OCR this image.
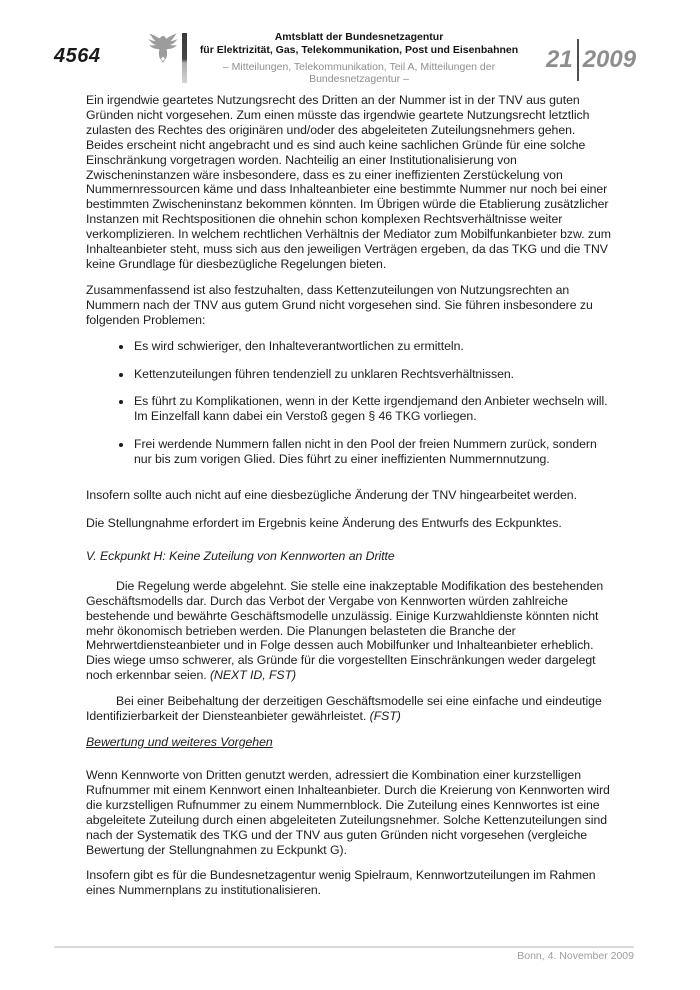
4564
Amtsblatt der Bundesnetzagentur
für Elektrizität, Gas, Telekommunikation, Post und Eisenbahnen
– Mitteilungen, Telekommunikation, Teil A, Mitteilungen der Bundesnetzagentur –
21 2009

Ein irgendwie geartetes Nutzungsrecht des Dritten an der Nummer ist in der TNV aus guten Gründen nicht vorgesehen. Zum einen müsste das irgendwie geartete Nutzungsrecht letztlich zulasten des Rechtes des originären und/oder des abgeleiteten Zuteilungsnehmers gehen. Beides erscheint nicht angebracht und es sind auch keine sachlichen Gründe für eine solche Einschränkung vorgetragen worden. Nachteilig an einer Institutionalisierung von Zwischeninstanzen wäre insbesondere, dass es zu einer ineffizienten Zerstückelung von Nummernressourcen käme und dass Inhalteanbieter eine bestimmte Nummer nur noch bei einer bestimmten Zwischeninstanz bekommen könnten. Im Übrigen würde die Etablierung zusätzlicher Instanzen mit Rechtspositionen die ohnehin schon komplexen Rechtsverhältnisse weiter verkomplizieren. In welchem rechtlichen Verhältnis der Mediator zum Mobilfunkanbieter bzw. zum Inhalteanbieter steht, muss sich aus den jeweiligen Verträgen ergeben, da das TKG und die TNV keine Grundlage für diesbezügliche Regelungen bieten.

Zusammenfassend ist also festzuhalten, dass Kettenzuteilungen von Nutzungsrechten an Nummern nach der TNV aus gutem Grund nicht vorgesehen sind. Sie führen insbesondere zu folgenden Problemen:

• Es wird schwieriger, den Inhalteverantwortlichen zu ermitteln.
• Kettenzuteilungen führen tendenziell zu unklaren Rechtsverhältnissen.
• Es führt zu Komplikationen, wenn in der Kette irgendjemand den Anbieter wechseln will. Im Einzelfall kann dabei ein Verstoß gegen § 46 TKG vorliegen.
• Frei werdende Nummern fallen nicht in den Pool der freien Nummern zurück, sondern nur bis zum vorigen Glied. Dies führt zu einer ineffizienten Nummernnutzung.

Insofern sollte auch nicht auf eine diesbezügliche Änderung der TNV hingearbeitet werden.

Die Stellungnahme erfordert im Ergebnis keine Änderung des Entwurfs des Eckpunktes.

V. Eckpunkt H: Keine Zuteilung von Kennworten an Dritte

Die Regelung werde abgelehnt. Sie stelle eine inakzeptable Modifikation des bestehenden Geschäftsmodells dar. Durch das Verbot der Vergabe von Kennworten würden zahlreiche bestehende und bewährte Geschäftsmodelle unzulässig. Einige Kurzwahldienste könnten nicht mehr ökonomisch betrieben werden. Die Planungen belasteten die Branche der Mehrwertdiensteanbieter und in Folge dessen auch Mobilfunker und Inhalteanbieter erheblich. Dies wiege umso schwerer, als Gründe für die vorgestellten Einschränkungen weder dargelegt noch erkennbar seien. (NEXT ID, FST)

Bei einer Beibehaltung der derzeitigen Geschäftsmodelle sei eine einfache und eindeutige Identifizierbarkeit der Diensteanbieter gewährleistet. (FST)

Bewertung und weiteres Vorgehen

Wenn Kennworte von Dritten genutzt werden, adressiert die Kombination einer kurzstelligen Rufnummer mit einem Kennwort einen Inhalteanbieter. Durch die Kreierung von Kennworten wird die kurzstelligen Rufnummer zu einem Nummernblock. Die Zuteilung eines Kennwortes ist eine abgeleitete Zuteilung durch einen abgeleiteten Zuteilungsnehmer. Solche Kettenzuteilungen sind nach der Systematik des TKG und der TNV aus guten Gründen nicht vorgesehen (vergleiche Bewertung der Stellungnahmen zu Eckpunkt G).

Insofern gibt es für die Bundesnetzagentur wenig Spielraum, Kennwortzuteilungen im Rahmen eines Nummernplans zu institutionalisieren.

Bonn, 4. November 2009
